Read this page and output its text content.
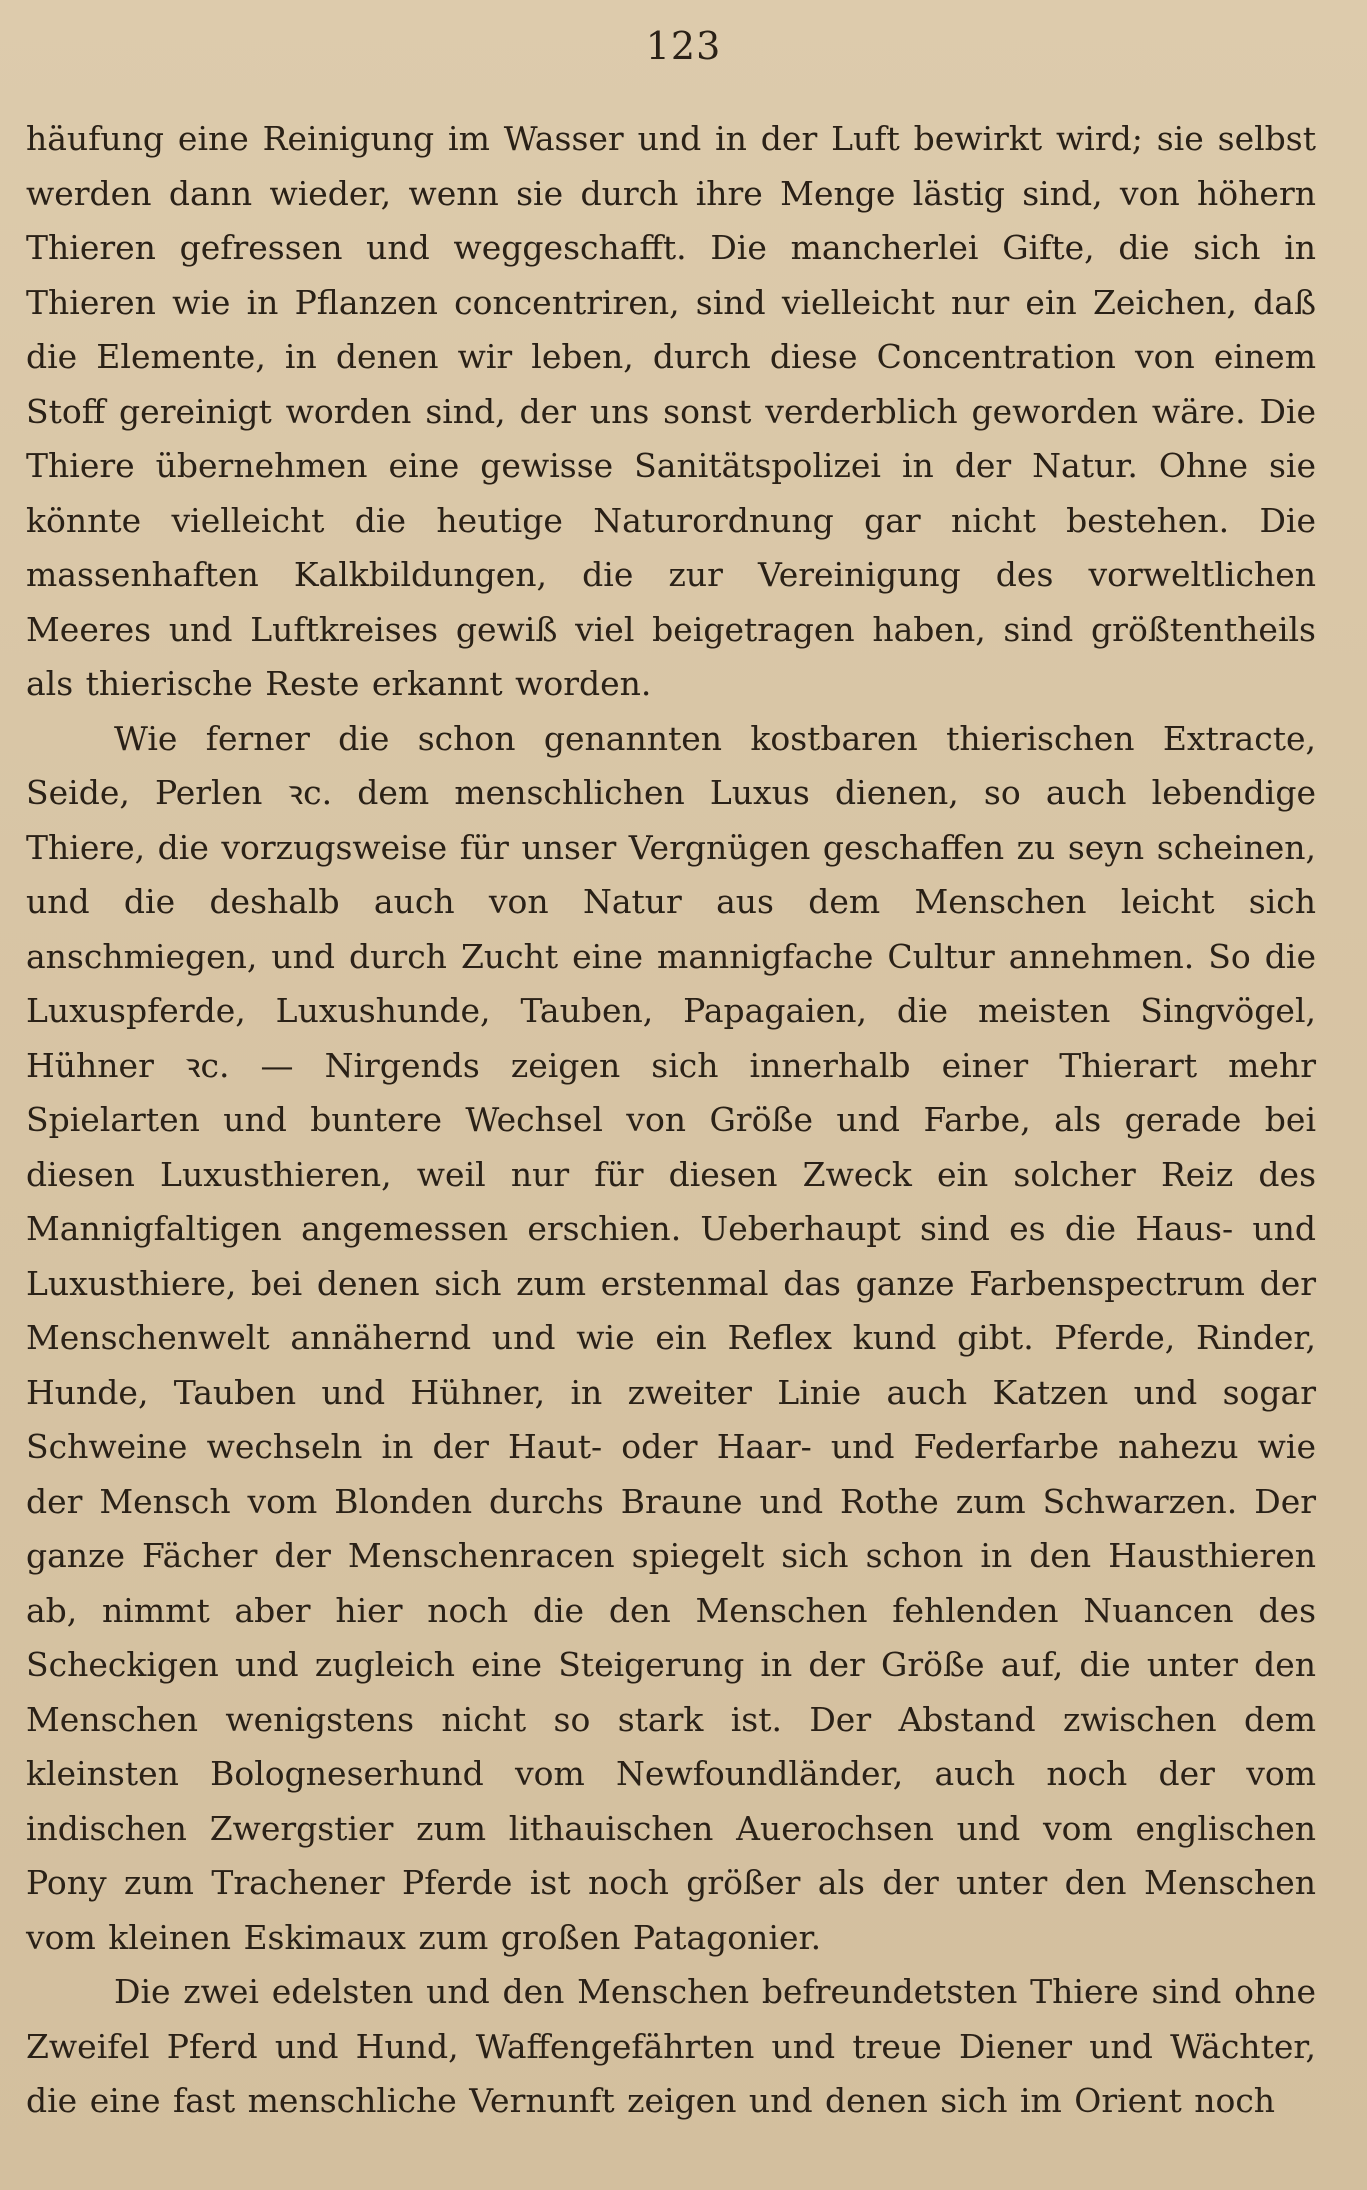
123

häufung eine Reinigung im Wasser und in der Luft bewirkt wird; sie selbst werden dann wieder, wenn sie durch ihre Menge lästig sind, von höhern Thieren gefressen und weggeschafft. Die mancherlei Gifte, die sich in Thieren wie in Pflanzen concentriren, sind vielleicht nur ein Zeichen, daß die Elemente, in denen wir leben, durch diese Concentration von einem Stoff gereinigt worden sind, der uns sonst verderblich geworden wäre. Die Thiere übernehmen eine gewisse Sanitätspolizei in der Natur. Ohne sie könnte vielleicht die heutige Naturordnung gar nicht bestehen. Die massenhaften Kalkbildungen, die zur Vereinigung des vorweltlichen Meeres und Luftkreises gewiß viel beigetragen haben, sind größtentheils als thierische Reste erkannt worden.

Wie ferner die schon genannten kostbaren thierischen Extracte, Seide, Perlen ꝛc. dem menschlichen Luxus dienen, so auch lebendige Thiere, die vorzugsweise für unser Vergnügen geschaffen zu seyn scheinen, und die deshalb auch von Natur aus dem Menschen leicht sich anschmiegen, und durch Zucht eine mannigfache Cultur annehmen. So die Luxuspferde, Luxushunde, Tauben, Papagaien, die meisten Singvögel, Hühner ꝛc. — Nirgends zeigen sich innerhalb einer Thierart mehr Spielarten und buntere Wechsel von Größe und Farbe, als gerade bei diesen Luxusthieren, weil nur für diesen Zweck ein solcher Reiz des Mannigfaltigen angemessen erschien. Ueberhaupt sind es die Haus- und Luxusthiere, bei denen sich zum erstenmal das ganze Farbenspectrum der Menschenwelt annähernd und wie ein Reflex kund gibt. Pferde, Rinder, Hunde, Tauben und Hühner, in zweiter Linie auch Katzen und sogar Schweine wechseln in der Haut- oder Haar- und Federfarbe nahezu wie der Mensch vom Blonden durchs Braune und Rothe zum Schwarzen. Der ganze Fächer der Menschenracen spiegelt sich schon in den Hausthieren ab, nimmt aber hier noch die den Menschen fehlenden Nuancen des Scheckigen und zugleich eine Steigerung in der Größe auf, die unter den Menschen wenigstens nicht so stark ist. Der Abstand zwischen dem kleinsten Bologneserhund vom Newfoundländer, auch noch der vom indischen Zwergstier zum lithauischen Auerochsen und vom englischen Pony zum Trachener Pferde ist noch größer als der unter den Menschen vom kleinen Eskimaux zum großen Patagonier.

Die zwei edelsten und den Menschen befreundetsten Thiere sind ohne Zweifel Pferd und Hund, Waffengefährten und treue Diener und Wächter, die eine fast menschliche Vernunft zeigen und denen sich im Orient noch
